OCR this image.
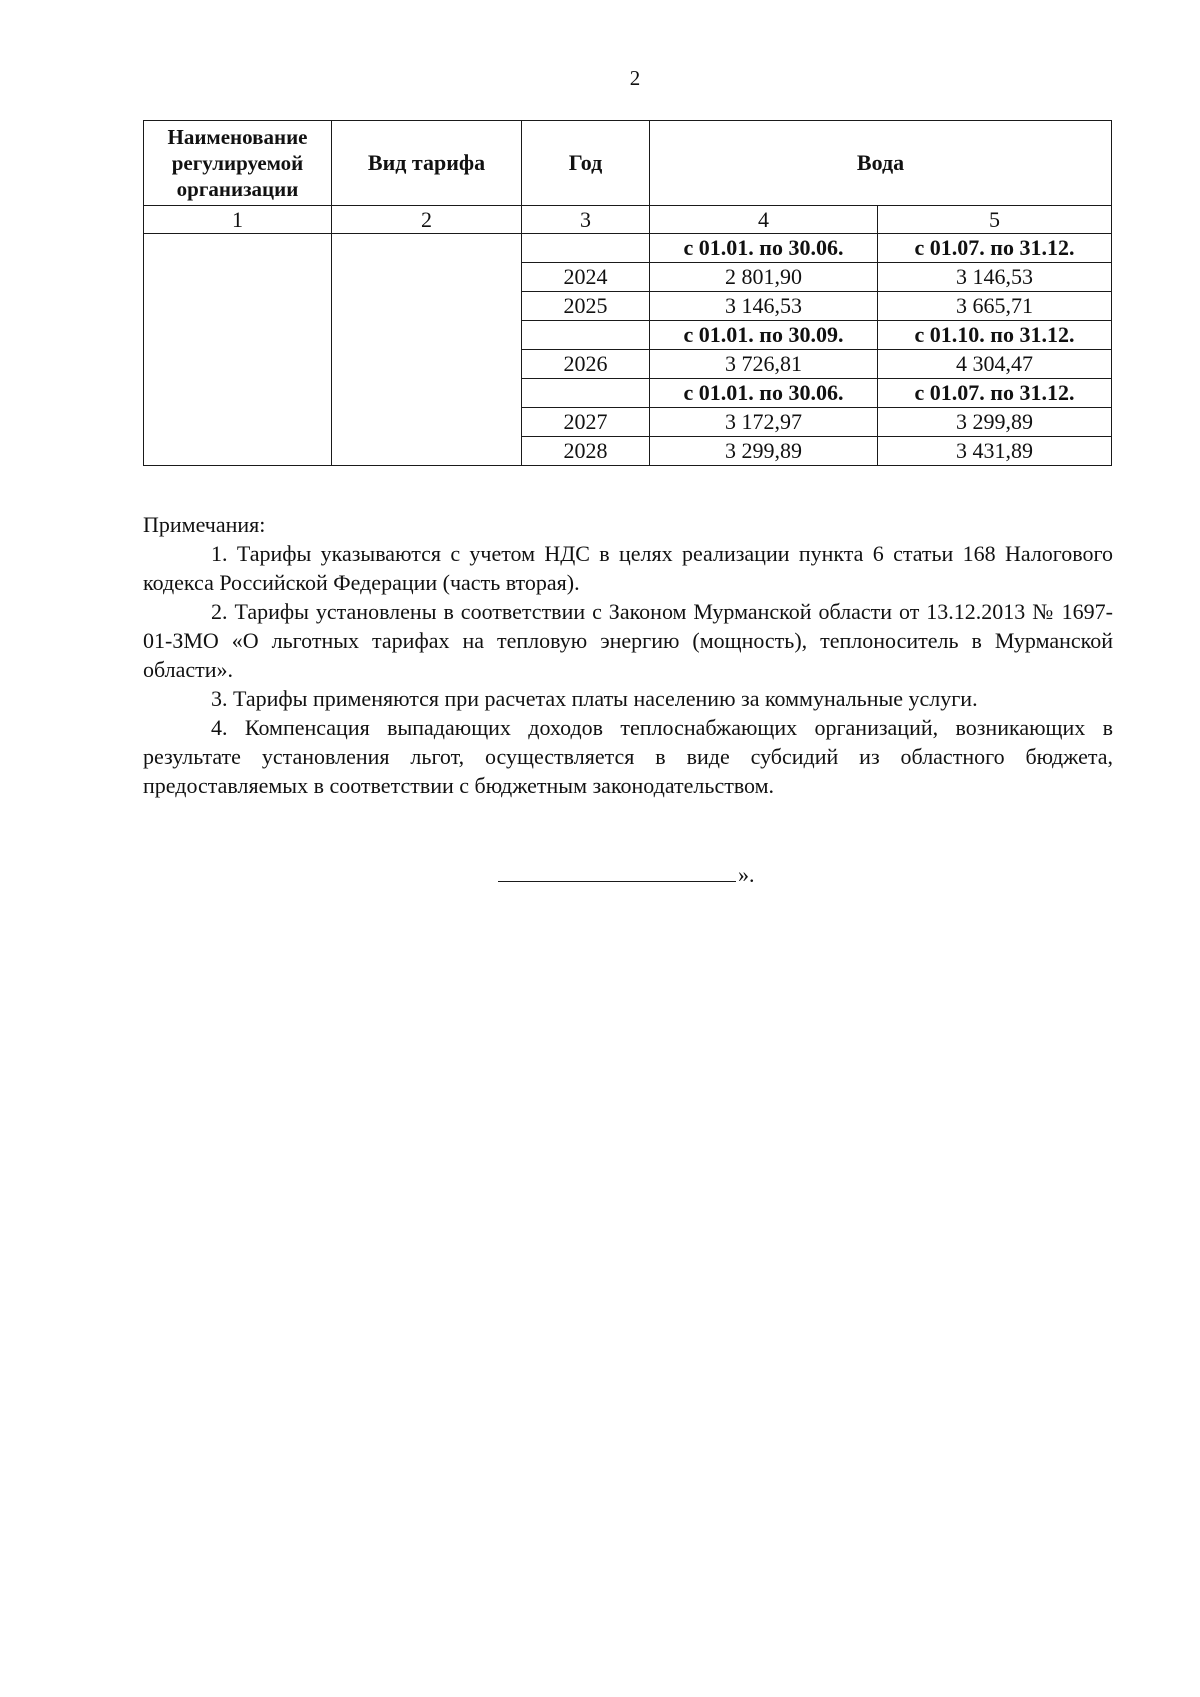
2
Наименование регулируемой организации	Вид тарифа	Год	Вода	
1	2	3	4	5
			с 01.01. по 30.06.	с 01.07. по 31.12.
		2024	2 801,90	3 146,53
		2025	3 146,53	3 665,71
			с 01.01. по 30.09.	с 01.10. по 31.12.
		2026	3 726,81	4 304,47
			с 01.01. по 30.06.	с 01.07. по 31.12.
		2027	3 172,97	3 299,89
		2028	3 299,89	3 431,89

Примечания:

1. Тарифы указываются с учетом НДС в целях реализации пункта 6 статьи 168 Налогового кодекса Российской Федерации (часть вторая).

2. Тарифы установлены в соответствии с Законом Мурманской области от 13.12.2013 № 1697-01-ЗМО «О льготных тарифах на тепловую энергию (мощность), теплоноситель в Мурманской области».

3. Тарифы применяются при расчетах платы населению за коммунальные услуги.

4. Компенсация выпадающих доходов теплоснабжающих организаций, возникающих в результате установления льгот, осуществляется в виде субсидий из областного бюджета, предоставляемых в соответствии с бюджетным законодательством.

».
